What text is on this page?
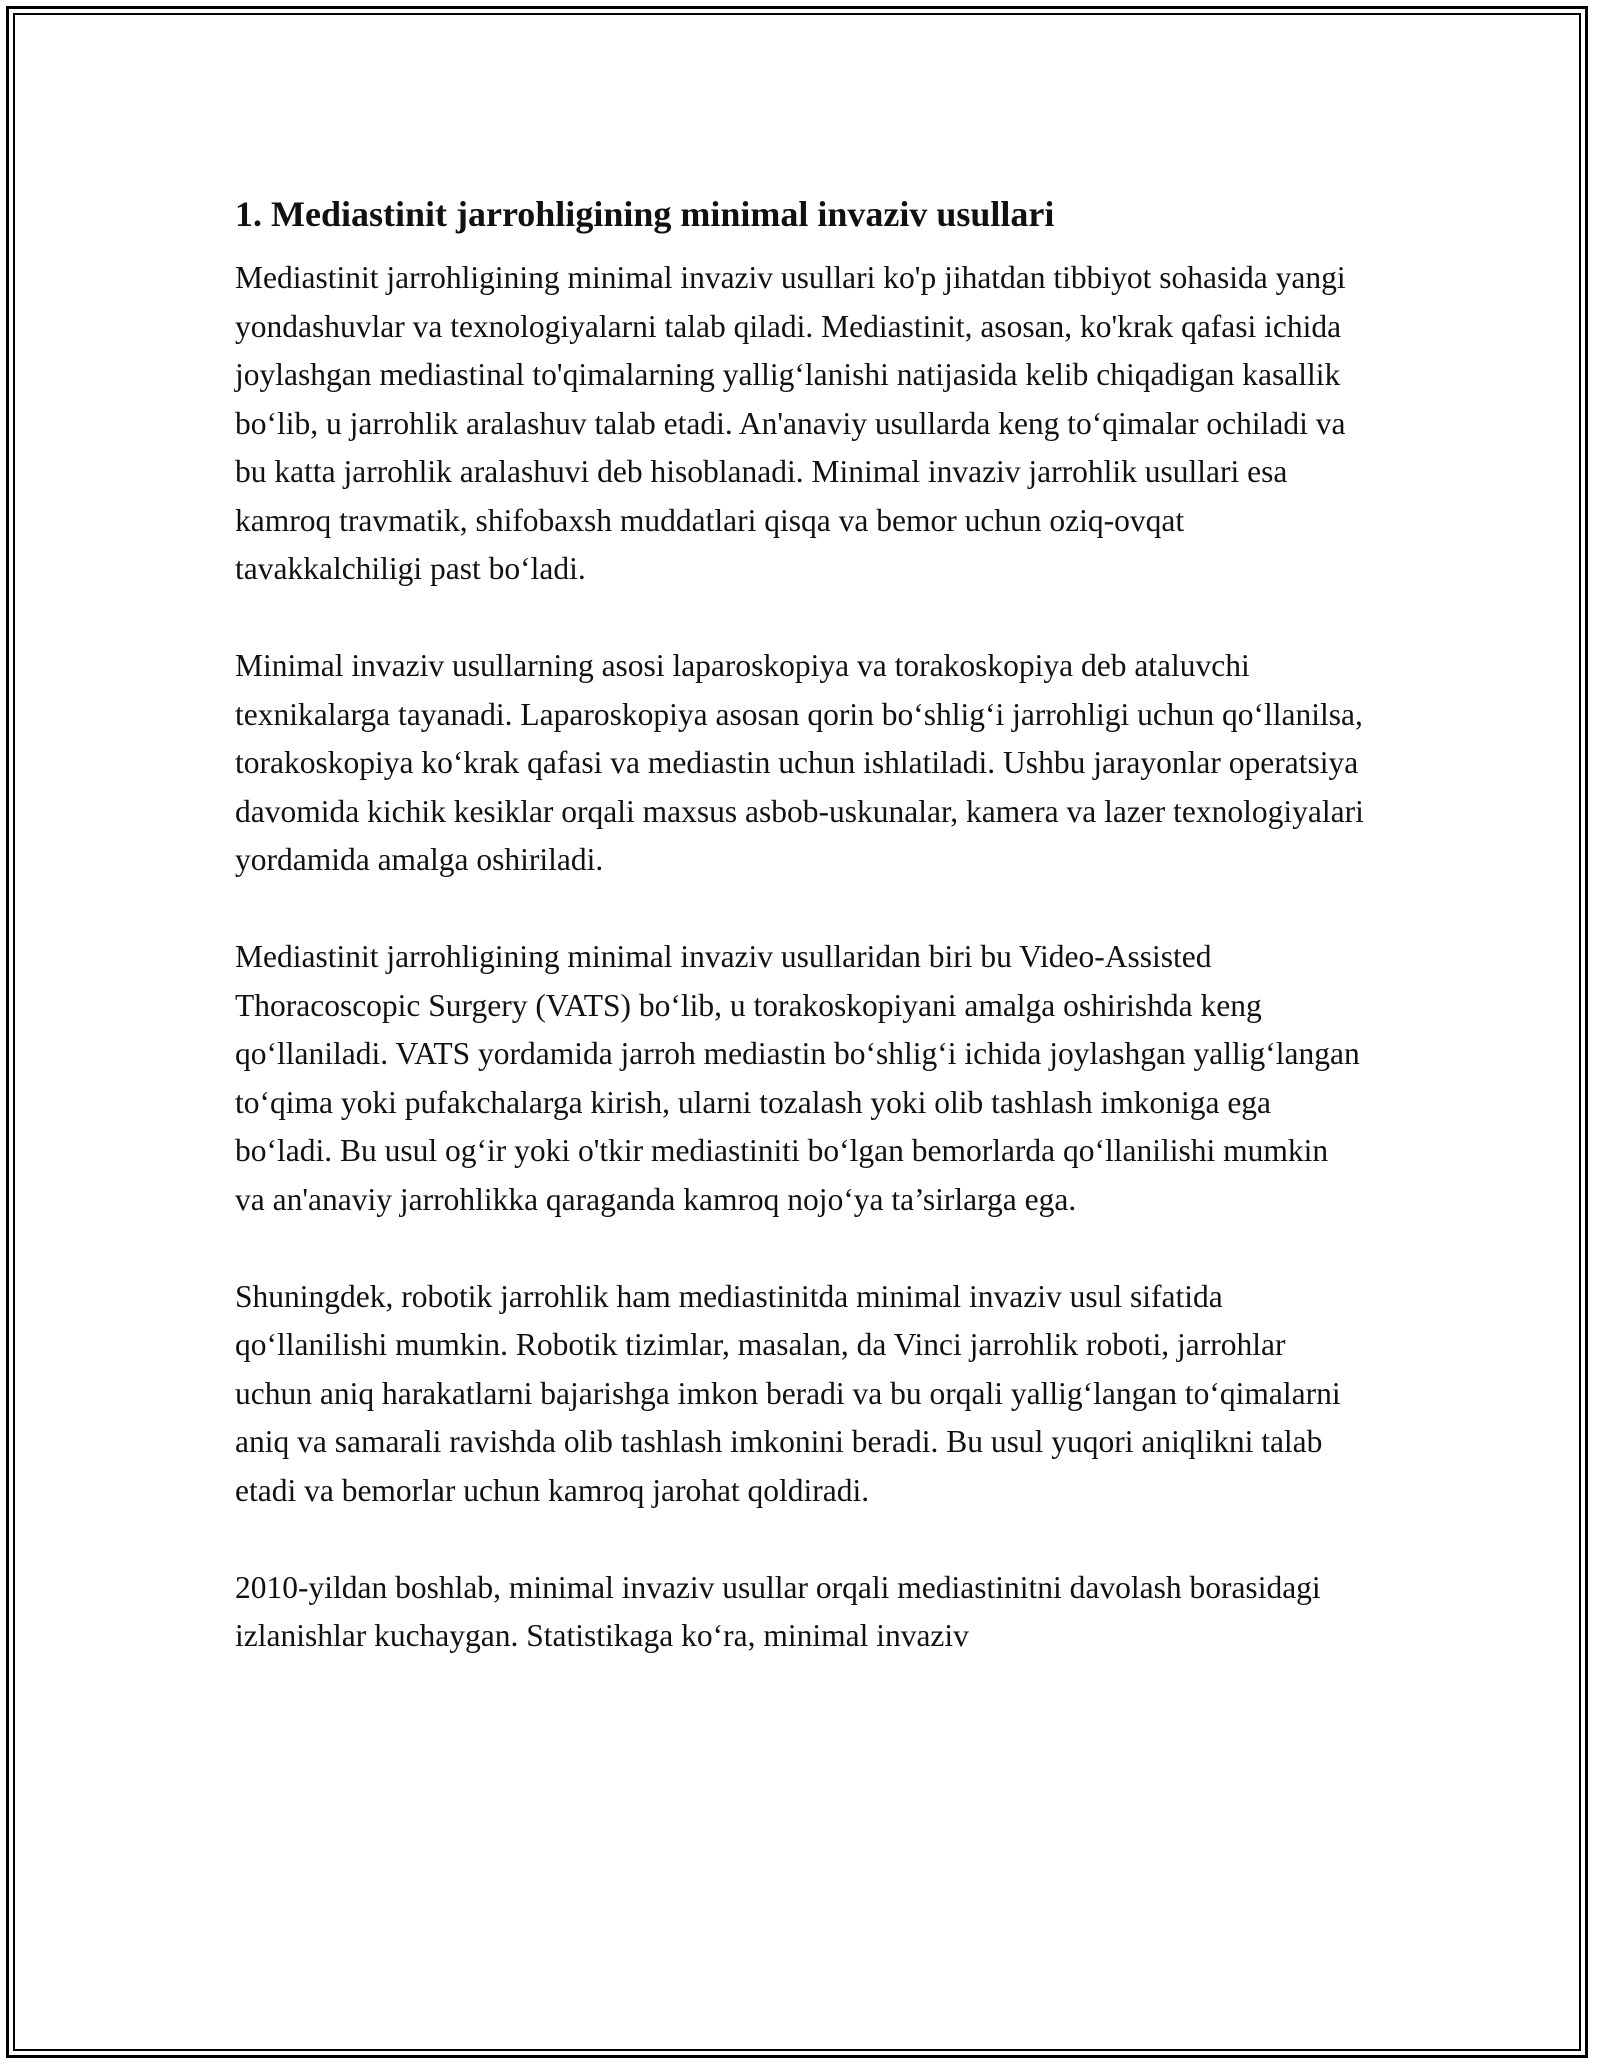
1. Mediastinit jarrohligining minimal invaziv usullari

Mediastinit jarrohligining minimal invaziv usullari ko'p jihatdan tibbiyot sohasida yangi yondashuvlar va texnologiyalarni talab qiladi. Mediastinit, asosan, ko'krak qafasi ichida joylashgan mediastinal to'qimalarning yallig‘lanishi natijasida kelib chiqadigan kasallik bo‘lib, u jarrohlik aralashuv talab etadi. An'anaviy usullarda keng to‘qimalar ochiladi va bu katta jarrohlik aralashuvi deb hisoblanadi. Minimal invaziv jarrohlik usullari esa kamroq travmatik, shifobaxsh muddatlari qisqa va bemor uchun oziq-ovqat tavakkalchiligi past bo‘ladi.

Minimal invaziv usullarning asosi laparoskopiya va torakoskopiya deb ataluvchi texnikalarga tayanadi. Laparoskopiya asosan qorin bo‘shlig‘i jarrohligi uchun qo‘llanilsa, torakoskopiya ko‘krak qafasi va mediastin uchun ishlatiladi. Ushbu jarayonlar operatsiya davomida kichik kesiklar orqali maxsus asbob-uskunalar, kamera va lazer texnologiyalari yordamida amalga oshiriladi.

Mediastinit jarrohligining minimal invaziv usullaridan biri bu Video-Assisted Thoracoscopic Surgery (VATS) bo‘lib, u torakoskopiyani amalga oshirishda keng qo‘llaniladi. VATS yordamida jarroh mediastin bo‘shlig‘i ichida joylashgan yallig‘langan to‘qima yoki pufakchalarga kirish, ularni tozalash yoki olib tashlash imkoniga ega bo‘ladi. Bu usul og‘ir yoki o'tkir mediastiniti bo‘lgan bemorlarda qo‘llanilishi mumkin va an'anaviy jarrohlikka qaraganda kamroq nojo‘ya ta’sirlarga ega.

Shuningdek, robotik jarrohlik ham mediastinitda minimal invaziv usul sifatida qo‘llanilishi mumkin. Robotik tizimlar, masalan, da Vinci jarrohlik roboti, jarrohlar uchun aniq harakatlarni bajarishga imkon beradi va bu orqali yallig‘langan to‘qimalarni aniq va samarali ravishda olib tashlash imkonini beradi. Bu usul yuqori aniqlikni talab etadi va bemorlar uchun kamroq jarohat qoldiradi.

2010-yildan boshlab, minimal invaziv usullar orqali mediastinitni davolash borasidagi izlanishlar kuchaygan. Statistikaga ko‘ra, minimal invaziv
